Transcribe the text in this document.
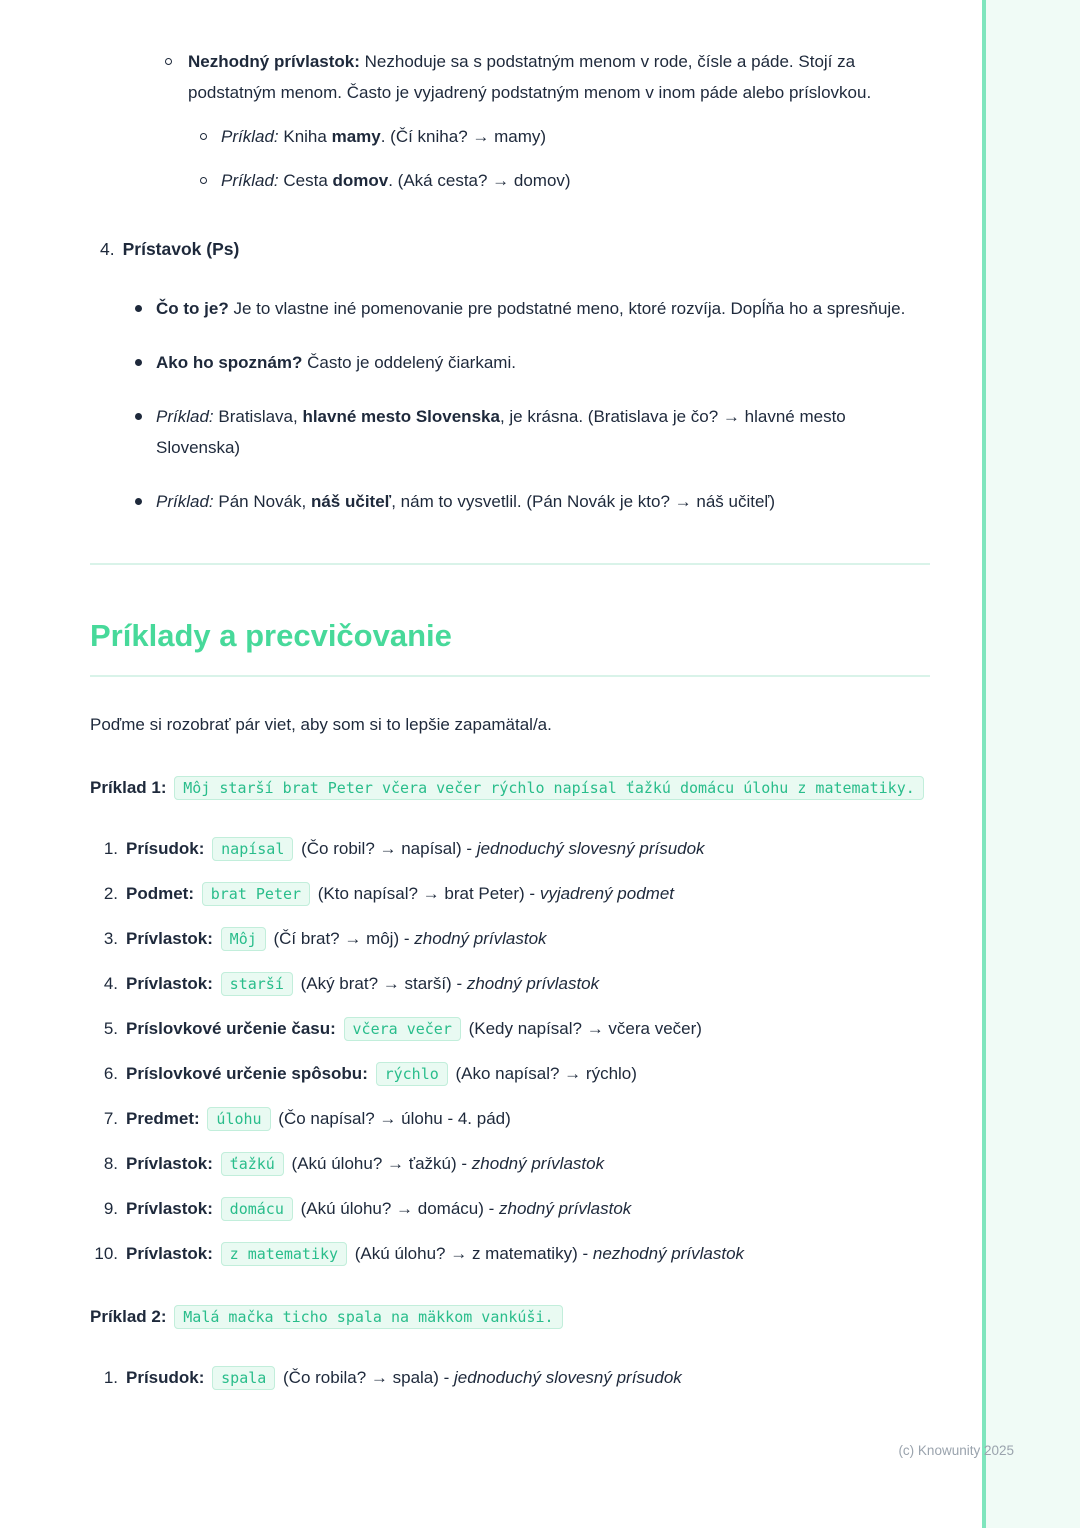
Nezhodný prívlastok: Nezhoduje sa s podstatným menom v rode, čísle a páde. Stojí za podstatným menom. Často je vyjadrený podstatným menom v inom páde alebo príslovkou.
Príklad: Kniha mamy. (Čí kniha? → mamy)
Príklad: Cesta domov. (Aká cesta? → domov)
4. Prístavok (Ps)
Čo to je? Je to vlastne iné pomenovanie pre podstatné meno, ktoré rozvíja. Dopĺňa ho a spresňuje.
Ako ho spoznám? Často je oddelený čiarkami.
Príklad: Bratislava, hlavné mesto Slovenska, je krásna. (Bratislava je čo? → hlavné mesto Slovenska)
Príklad: Pán Novák, náš učiteľ, nám to vysvetlil. (Pán Novák je kto? → náš učiteľ)
Príklady a precvičovanie

Poďme si rozobrať pár viet, aby som si to lepšie zapamätal/a.

Príklad 1: Môj starší brat Peter včera večer rýchlo napísal ťažkú domácu úlohu z matematiky.

1. Prísudok: napísal (Čo robil? → napísal) - jednoduchý slovesný prísudok
2. Podmet: brat Peter (Kto napísal? → brat Peter) - vyjadrený podmet
3. Prívlastok: Môj (Čí brat? → môj) - zhodný prívlastok
4. Prívlastok: starší (Aký brat? → starší) - zhodný prívlastok
5. Príslovkové určenie času: včera večer (Kedy napísal? → včera večer)
6. Príslovkové určenie spôsobu: rýchlo (Ako napísal? → rýchlo)
7. Predmet: úlohu (Čo napísal? → úlohu - 4. pád)
8. Prívlastok: ťažkú (Akú úlohu? → ťažkú) - zhodný prívlastok
9. Prívlastok: domácu (Akú úlohu? → domácu) - zhodný prívlastok
10. Prívlastok: z matematiky (Akú úlohu? → z matematiky) - nezhodný prívlastok

Príklad 2: Malá mačka ticho spala na mäkkom vankúši.

1. Prísudok: spala (Čo robila? → spala) - jednoduchý slovesný prísudok
(c) Knowunity 2025
